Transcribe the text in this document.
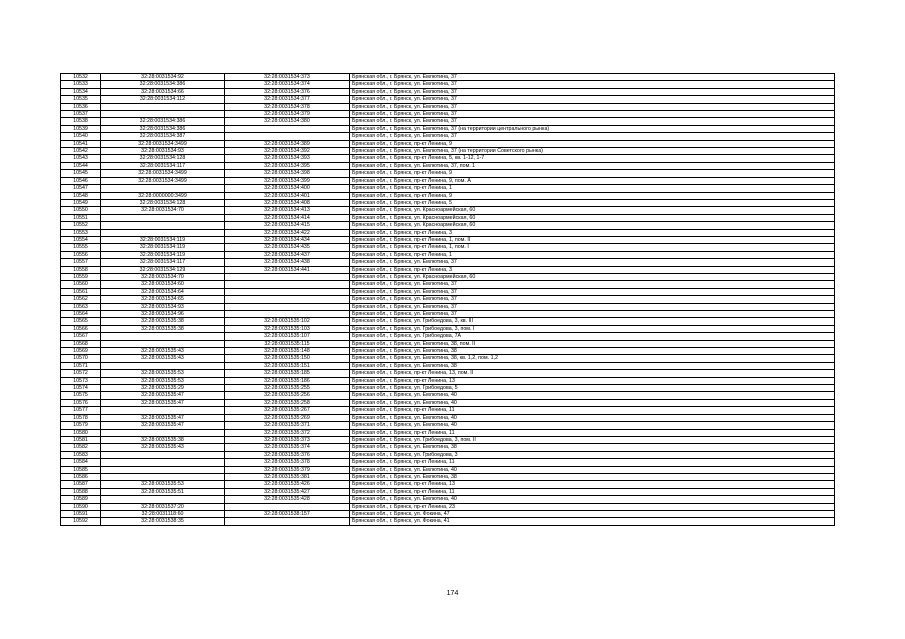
10532	32:28:0031534:92	32:28:0031534:373	Брянская обл., г. Брянск, ул. Емлютина, 37
10533	32:28:0031534:386	32:28:0031534:374	Брянская обл., г. Брянск, ул. Емлютина, 37
10534	32:28:0031534:66	32:28:0031534:376	Брянская обл., г. Брянск, ул. Емлютина, 37
10535	32:28:0031534:112	32:28:0031534:377	Брянская обл., г. Брянск, ул. Емлютина, 37
10536		32:28:0031534:378	Брянская обл., г. Брянск, ул. Емлютина, 37
10537		32:28:0031534:379	Брянская обл., г. Брянск, ул. Емлютина, 37
10538	32:28:0031534:386	32:28:0031534:380	Брянская обл., г. Брянск, ул. Емлютина, 37
10539	32:28:0031534:386		Брянская обл., г. Брянск, ул. Емлютина, 37 (на территории центрального рынка)
10540	32:28:0031534:387		Брянская обл., г. Брянск, ул. Емлютина, 37
10541	32:28:0031534:3499	32:28:0031534:389	Брянская обл., г. Брянск, пр-кт Ленина, 9
10542	32:28:0031534:93	32:28:0031534:392	Брянская обл., г. Брянск, ул. Емлютина, 37 (на территории Советского рынка)
10543	32:28:0031534:128	32:28:0031534:393	Брянская обл., г. Брянск, пр-кт Ленина, 5, кв. 1-12, 1-7
10544	32:28:0031534:117	32:28:0031534:395	Брянская обл., г. Брянск, ул. Емлютина, 37, пом. 1
10545	32:28:0031534:3499	32:28:0031534:398	Брянская обл., г. Брянск, пр-кт Ленина, 9
10546	32:28:0031534:3499	32:28:0031534:399	Брянская обл., г. Брянск, пр-кт Ленина, 9, пом. А
10547		32:28:0031534:400	Брянская обл., г. Брянск, пр-кт Ленина, 1
10548	32:28:0000000:3499	32:28:0031534:401	Брянская обл., г. Брянск, пр-кт Ленина, 9
10549	32:28:0031534:128	32:28:0031534:408	Брянская обл., г. Брянск, пр-кт Ленина, 5
10550	32:28:0031534:70	32:28:0031534:413	Брянская обл., г. Брянск, ул. Красноармейская, 60
10551		32:28:0031534:414	Брянская обл., г. Брянск, ул. Красноармейская, 60
10552		32:28:0031534:415	Брянская обл., г. Брянск, ул. Красноармейская, 60
10553		32:28:0031534:422	Брянская обл., г. Брянск, пр-кт Ленина, 3
10554	32:28:0031534:119	32:28:0031534:434	Брянская обл., г. Брянск, пр-кт Ленина, 1, пом. II
10555	32:28:0031534:119	32:28:0031534:435	Брянская обл., г. Брянск, пр-кт Ленина, 1, пом. I
10556	32:28:0031534:119	32:28:0031534:437	Брянская обл., г. Брянск, пр-кт Ленина, 1
10557	32:28:0031534:117	32:28:0031534:438	Брянская обл., г. Брянск, ул. Емлютина, 37
10558	32:28:0031534:129	32:28:0031534:441	Брянская обл., г. Брянск, пр-кт Ленина, 3
10559	32:28:0031534:70		Брянская обл., г. Брянск, ул. Красноармейская, 60
10560	32:28:0031534:60		Брянская обл., г. Брянск, ул. Емлютина, 37
10561	32:28:0031534:64		Брянская обл., г. Брянск, ул. Емлютина, 37
10562	32:28:0031534:65		Брянская обл., г. Брянск, ул. Емлютина, 37
10563	32:28:0031534:93		Брянская обл., г. Брянск, ул. Емлютина, 37
10564	32:28:0031534:96		Брянская обл., г. Брянск, ул. Емлютина, 37
10565	32:28:0031535:38	32:28:0031535:102	Брянская обл., г. Брянск, ул. Грибоедова, 3, кв. III
10566	32:28:0031535:38	32:28:0031535:103	Брянская обл., г. Брянск, ул. Грибоедова, 3, пом. I
10567		32:28:0031535:107	Брянская обл., г. Брянск, ул. Грибоедова, 7А
10568		32:28:0031535:115	Брянская обл., г. Брянск, ул. Емлютина, 38, пом. II
10569	32:28:0031535:43	32:28:0031535:148	Брянская обл., г. Брянск, ул. Емлютина, 38
10570	32:28:0031535:43	32:28:0031535:150	Брянская обл., г. Брянск, ул. Емлютина, 38, кв. 1,2, пом. 1,2
10571		32:28:0031535:151	Брянская обл., г. Брянск, ул. Емлютина, 38
10572	32:28:0031535:53	32:28:0031535:185	Брянская обл., г. Брянск, пр-кт Ленина, 13, пом. II
10573	32:28:0031535:53	32:28:0031535:186	Брянская обл., г. Брянск, пр-кт Ленина, 13
10574	32:28:0031535:29	32:28:0031535:255	Брянская обл., г. Брянск, ул. Грибоедова, 5
10575	32:28:0031535:47	32:28:0031535:256	Брянская обл., г. Брянск, ул. Емлютина, 40
10576	32:28:0031535:47	32:28:0031535:258	Брянская обл., г. Брянск, ул. Емлютина, 40
10577		32:28:0031535:267	Брянская обл., г. Брянск, пр-кт Ленина, 11
10578	32:28:0031535:47	32:28:0031535:269	Брянская обл., г. Брянск, ул. Емлютина, 40
10579	32:28:0031535:47	32:28:0031535:371	Брянская обл., г. Брянск, ул. Емлютина, 40
10580		32:28:0031535:372	Брянская обл., г. Брянск, пр-кт Ленина, 11
10581	32:28:0031535:38	32:28:0031535:373	Брянская обл., г. Брянск, ул. Грибоедова, 3, пом. II
10582	32:28:0031535:43	32:28:0031535:374	Брянская обл., г. Брянск, ул. Емлютина, 38
10583		32:28:0031535:376	Брянская обл., г. Брянск, ул. Грибоедова, 3
10584		32:28:0031535:378	Брянская обл., г. Брянск, пр-кт Ленина, 11
10585		32:28:0031535:379	Брянская обл., г. Брянск, ул. Емлютина, 40
10586		32:28:0031535:381	Брянская обл., г. Брянск, ул. Емлютина, 38
10587	32:28:0031535:53	32:28:0031535:426	Брянская обл., г. Брянск, пр-кт Ленина, 13
10588	32:28:0031535:51	32:28:0031535:427	Брянская обл., г. Брянск, пр-кт Ленина, 11
10589		32:28:0031535:428	Брянская обл., г. Брянск, ул. Емлютина, 40
10590	32:28:0031537:20		Брянская обл., г. Брянск, пр-кт Ленина, 23
10591	32:28:0031118:60	32:28:0031538:157	Брянская обл., г. Брянск, ул. Фокина, 47
10592	32:28:0031538:35		Брянская обл., г. Брянск, ул. Фокина, 41
174
